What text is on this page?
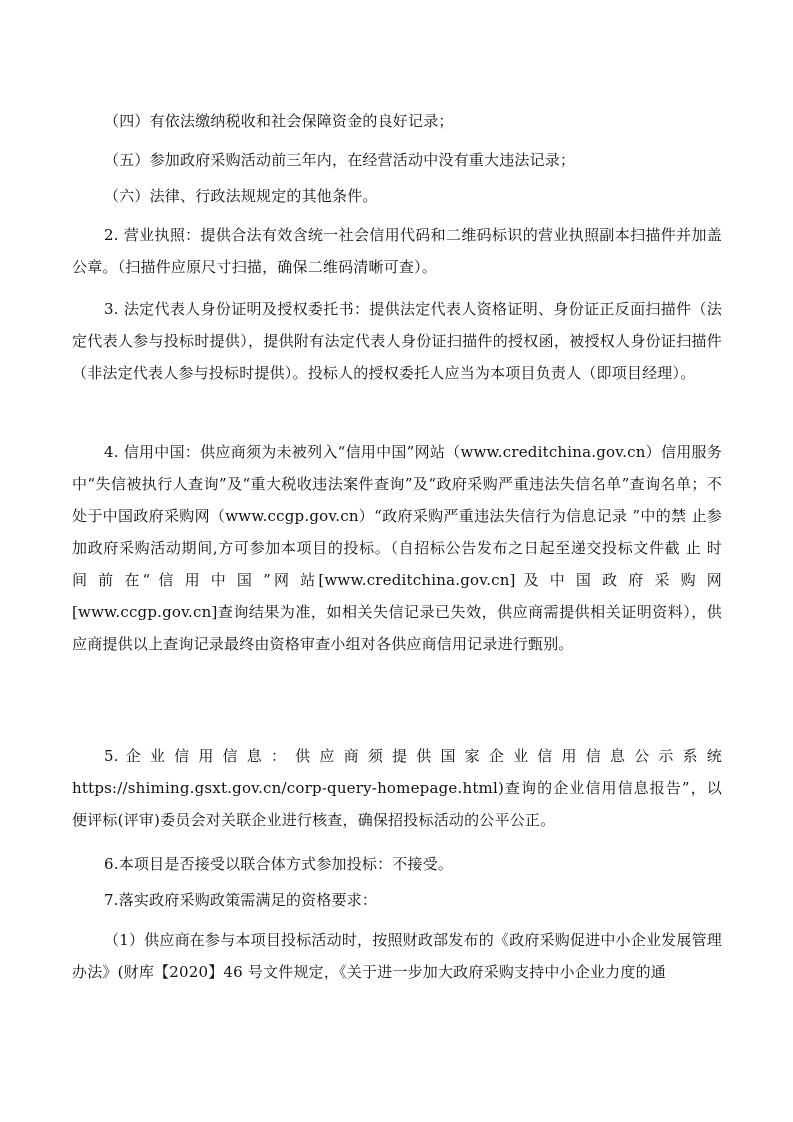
（四）有依法缴纳税收和社会保障资金的良好记录；

（五）参加政府采购活动前三年内，在经营活动中没有重大违法记录；

（六）法律、行政法规规定的其他条件。

2. 营业执照：提供合法有效含统一社会信用代码和二维码标识的营业执照副本扫描件并加盖公章。（扫描件应原尺寸扫描，确保二维码清晰可查）。

3. 法定代表人身份证明及授权委托书：提供法定代表人资格证明、身份证正反面扫描件（法定代表人参与投标时提供），提供附有法定代表人身份证扫描件的授权函，被授权人身份证扫描件（非法定代表人参与投标时提供）。投标人的授权委托人应当为本项目负责人（即项目经理）。

4. 信用中国：供应商须为未被列入“信用中国”网站（www.creditchina.gov.cn）信用服务中“失信被执行人查询”及“重大税收违法案件查询”及“政府采购严重违法失信名单”查询名单；不处于中国政府采购网（www.ccgp.gov.cn）“政府采购严重违法失信行为信息记录 ”中的禁 止参加政府采购活动期间,方可参加本项目的投标。（自招标公告发布之日起至递交投标文件截 止 时 间 前 在“ 信 用 中 国 ”网 站[www.creditchina.gov.cn] 及 中 国 政 府 采 购 网 [www.ccgp.gov.cn]查询结果为准，如相关失信记录已失效，供应商需提供相关证明资料），供应商提供以上查询记录最终由资格审查小组对各供应商信用记录进行甄别。

5. 企 业 信 用 信 息 ： 供 应 商 须 提 供 国 家 企 业 信 用 信 息 公 示 系 统 https://shiming.gsxt.gov.cn/corp-query-homepage.html)查询的企业信用信息报告”，以便评标(评审)委员会对关联企业进行核查，确保招投标活动的公平公正。

6.本项目是否接受以联合体方式参加投标：不接受。

7.落实政府采购政策需满足的资格要求：

（1）供应商在参与本项目投标活动时，按照财政部发布的《政府采购促进中小企业发展管理办法》(财库【2020】46 号文件规定，《关于进一步加大政府采购支持中小企业力度的通
